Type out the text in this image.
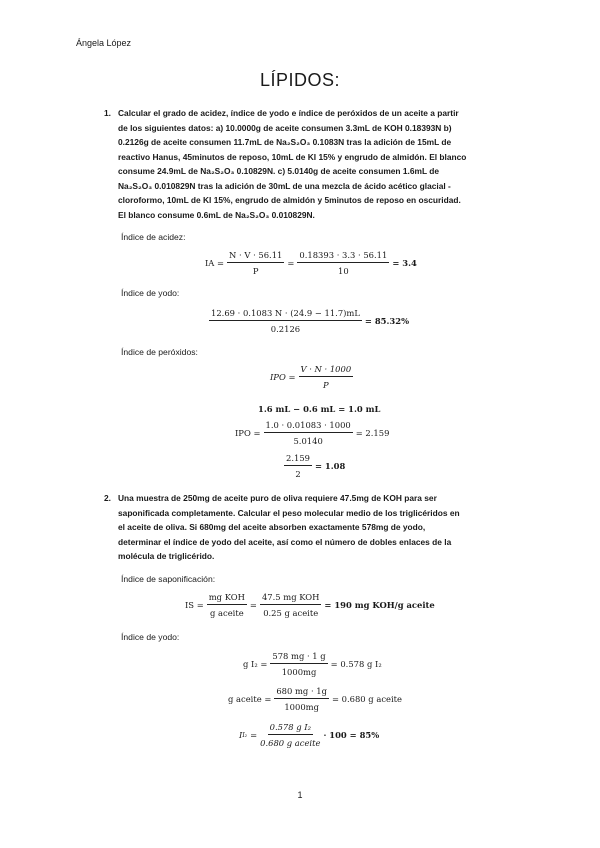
Ángela López
LÍPIDOS:
1. Calcular el grado de acidez, índice de yodo e índice de peróxidos de un aceite a partir
de los siguientes datos: a) 10.0000g de aceite consumen 3.3mL de KOH 0.18393N b)
0.2126g de aceite consumen 11.7mL de Na₂S₂O₃ 0.1083N tras la adición de 15mL de
reactivo Hanus, 45minutos de reposo, 10mL de KI 15% y engrudo de almidón. El blanco
consume 24.9mL de Na₂S₂O₃ 0.10829N. c) 5.0140g de aceite consumen 1.6mL de
Na₂S₂O₃ 0.010829N tras la adición de 30mL de una mezcla de ácido acético glacial -
cloroformo, 10mL de KI 15%, engrudo de almidón y 5minutos de reposo en oscuridad.
El blanco consume 0.6mL de Na₂S₂O₃ 0.010829N.
Índice de acidez:
IA = $\frac{N \cdot V \cdot 56.11}{P} = \frac{0.18393 \cdot 3.3 \cdot 56.11}{10} = 3.4$
Índice de yodo:
$\frac{12.69 \cdot 0.1083 N \cdot (24.9 - 11.7)mL}{0.2126} = 85.32\%$
Índice de peróxidos:
IPO = $\frac{V \cdot N \cdot 1000}{P}$
1.6 mL − 0.6 mL = 1.0 mL
IPO = $\frac{1.0 \cdot 0.01083 \cdot 1000}{5.0140} = 2.159$
$\frac{2.159}{2} = 1.08$
2. Una muestra de 250mg de aceite puro de oliva requiere 47.5mg de KOH para ser
saponificada completamente. Calcular el peso molecular medio de los triglicéridos en
el aceite de oliva. Si 680mg del aceite absorben exactamente 578mg de yodo,
determinar el índice de yodo del aceite, así como el número de dobles enlaces de la
molécula de triglicérido.
Índice de saponificación:
IS = $\frac{\text{mg KOH}}{\text{g aceite}} = \frac{\text{47.5 mg KOH}}{\text{0.25 g aceite}} = 190$ mg KOH/g aceite
Índice de yodo:
g $I_2 = \frac{578 mg \cdot 1 g}{1000mg} = 0.578$ g I₂
g aceite = $\frac{680 mg \cdot 1g}{1000mg} = 0.680$ g aceite
I $I_2 = \frac{\text{0.578 g I₂}}{\text{0.680 g aceite}} \cdot 100 = 85\%$
1
